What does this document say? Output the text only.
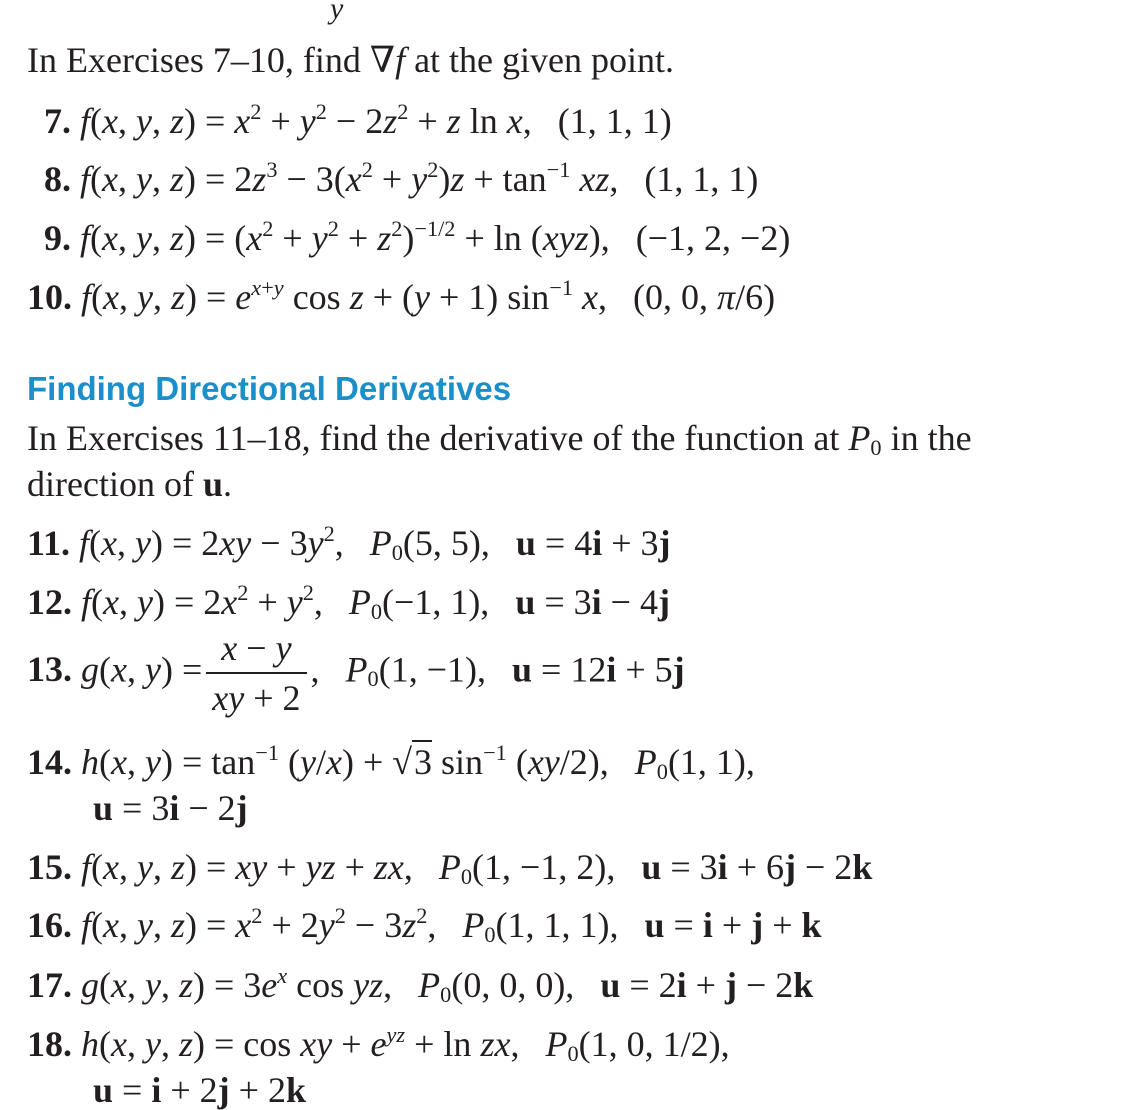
y
In Exercises 7–10, find ∇f at the given point.
7. f(x, y, $z) = x^2 + y^2 - 2z^2 + z$ ln x, (1, 1, 1)
8. f(x, y, $z) = 2z^3 - 3(x^2 + y^2)z + \tan^{-1}$ xz, (1, 1, 1)
9. f(x, y, $z) = (x^2 + y^2 + z^2)^{-1/2} + \ln (xyz)$, (−1, 2, −2)
10. f(x, y, $z) = e^{x+y}$ cos z + (y + 1) $\sin^{-1} x$, (0, 0, π/6)
Finding Directional Derivatives
In Exercises 11–18, find the derivative of the function at $P_0$ in the
direction of u.
11. f(x, $y) = 2xy - 3y^2$, $P_0(5$, 5), u = 4i + 3j
12. f(x, $y) = 2x^2 + y^2$, $P_0(-1$, 1), u = 3i − 4j
13. g(x, $y) = \frac{x - y}{xy + 2}$ , $P_0(1$, −1), u = 12i + 5j
14. h(x, $y) = \tan^{-1} (y/x) + √3$ $\sin^{-1} (xy/2)$, $P_0(1$, 1),
u = 3i − 2j
15. f(x, y, z) = xy + yz + zx, $P_0(1$, −1, 2), u = 3i + 6j − 2k
16. f(x, y, $z) = x^2 + 2y^2 - 3z^2$, $P_0(1$, 1, 1), u = i + j + k
17. g(x, y, $z) = 3e^x$ cos yz, $P_0(0$, 0, 0), u = 2i + j − 2k
18. h(x, y, z) = cos xy + $e^{yz} + \ln$ zx, $P_0(1$, 0, 1/2),
u = i + 2j + 2k
